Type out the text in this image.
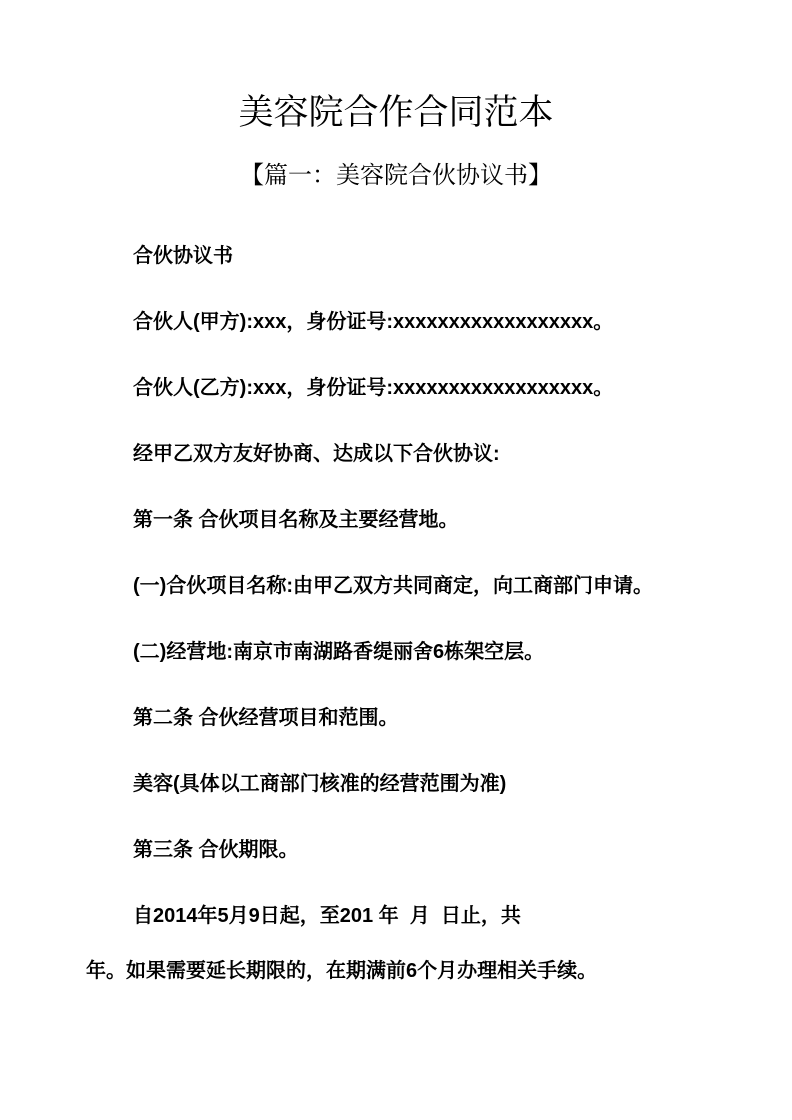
美容院合作合同范本
【篇一：美容院合伙协议书】
合伙协议书
合伙人(甲方):xxx，身份证号:xxxxxxxxxxxxxxxxxx。
合伙人(乙方):xxx，身份证号:xxxxxxxxxxxxxxxxxx。
经甲乙双方友好协商、达成以下合伙协议:
第一条 合伙项目名称及主要经营地。
(一)合伙项目名称:由甲乙双方共同商定，向工商部门申请。
(二)经营地:南京市南湖路香缇丽舍6栋架空层。
第二条 合伙经营项目和范围。
美容(具体以工商部门核准的经营范围为准)
第三条 合伙期限。
自2014年5月9日起，至201 年  月  日止，共
年。如果需要延长期限的，在期满前6个月办理相关手续。
